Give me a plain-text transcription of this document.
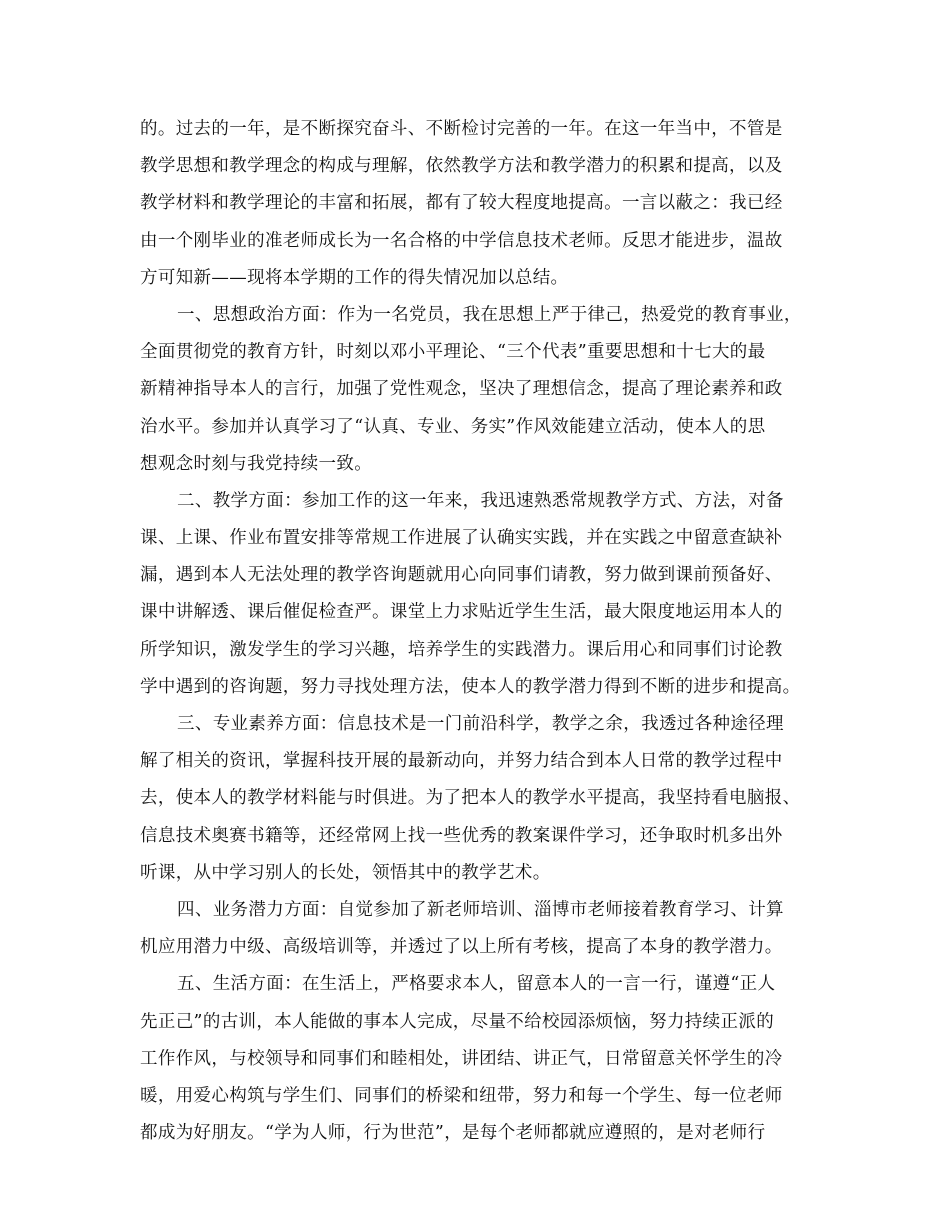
的。过去的一年，是不断探究奋斗、不断检讨完善的一年。在这一年当中，不管是
教学思想和教学理念的构成与理解，依然教学方法和教学潜力的积累和提高，以及
教学材料和教学理论的丰富和拓展，都有了较大程度地提高。一言以蔽之：我已经
由一个刚毕业的准老师成长为一名合格的中学信息技术老师。反思才能进步，温故
方可知新——现将本学期的工作的得失情况加以总结。
一、思想政治方面：作为一名党员，我在思想上严于律己，热爱党的教育事业，
全面贯彻党的教育方针，时刻以邓小平理论、“三个代表”重要思想和十七大的最
新精神指导本人的言行，加强了党性观念，坚决了理想信念，提高了理论素养和政
治水平。参加并认真学习了“认真、专业、务实”作风效能建立活动，使本人的思
想观念时刻与我党持续一致。
二、教学方面：参加工作的这一年来，我迅速熟悉常规教学方式、方法，对备
课、上课、作业布置安排等常规工作进展了认确实实践，并在实践之中留意查缺补
漏，遇到本人无法处理的教学咨询题就用心向同事们请教，努力做到课前预备好、
课中讲解透、课后催促检查严。课堂上力求贴近学生生活，最大限度地运用本人的
所学知识，激发学生的学习兴趣，培养学生的实践潜力。课后用心和同事们讨论教
学中遇到的咨询题，努力寻找处理方法，使本人的教学潜力得到不断的进步和提高。
三、专业素养方面：信息技术是一门前沿科学，教学之余，我透过各种途径理
解了相关的资讯，掌握科技开展的最新动向，并努力结合到本人日常的教学过程中
去，使本人的教学材料能与时俱进。为了把本人的教学水平提高，我坚持看电脑报、
信息技术奥赛书籍等，还经常网上找一些优秀的教案课件学习，还争取时机多出外
听课，从中学习别人的长处，领悟其中的教学艺术。
四、业务潜力方面：自觉参加了新老师培训、淄博市老师接着教育学习、计算
机应用潜力中级、高级培训等，并透过了以上所有考核，提高了本身的教学潜力。
五、生活方面：在生活上，严格要求本人，留意本人的一言一行，谨遵“正人
先正己”的古训，本人能做的事本人完成，尽量不给校园添烦恼，努力持续正派的
工作作风，与校领导和同事们和睦相处，讲团结、讲正气，日常留意关怀学生的冷
暖，用爱心构筑与学生们、同事们的桥梁和纽带，努力和每一个学生、每一位老师
都成为好朋友。“学为人师，行为世范”，是每个老师都就应遵照的，是对老师行
